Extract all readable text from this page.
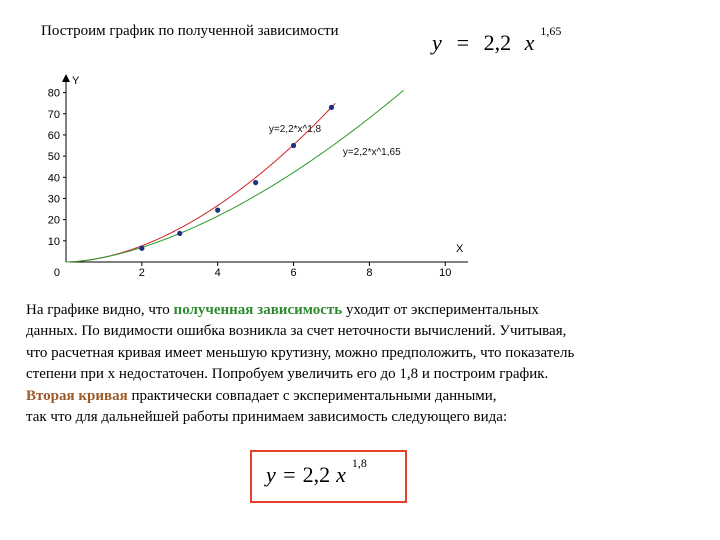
Построим график по полученной зависимости	y = 2,2 x $^{1,65}$
Y
X
0	2	4	6	8	10
10
20
30
40
50
60
70
80
y=2,2*x^1,8
y=2,2*x^1,65
На графике видно, что полученная зависимость уходит от экспериментальных
данных. По видимости ошибка возникла за счет неточности вычислений. Учитывая,
что расчетная кривая имеет меньшую крутизну, можно предположить, что показатель
степени при х недостаточен. Попробуем увеличить его до 1,8 и построим график.
Вторая кривая практически совпадает с экспериментальными данными,
так что для дальнейшей работы принимаем зависимость следующего вида:
y = 2,2 x $^{1,8}$
